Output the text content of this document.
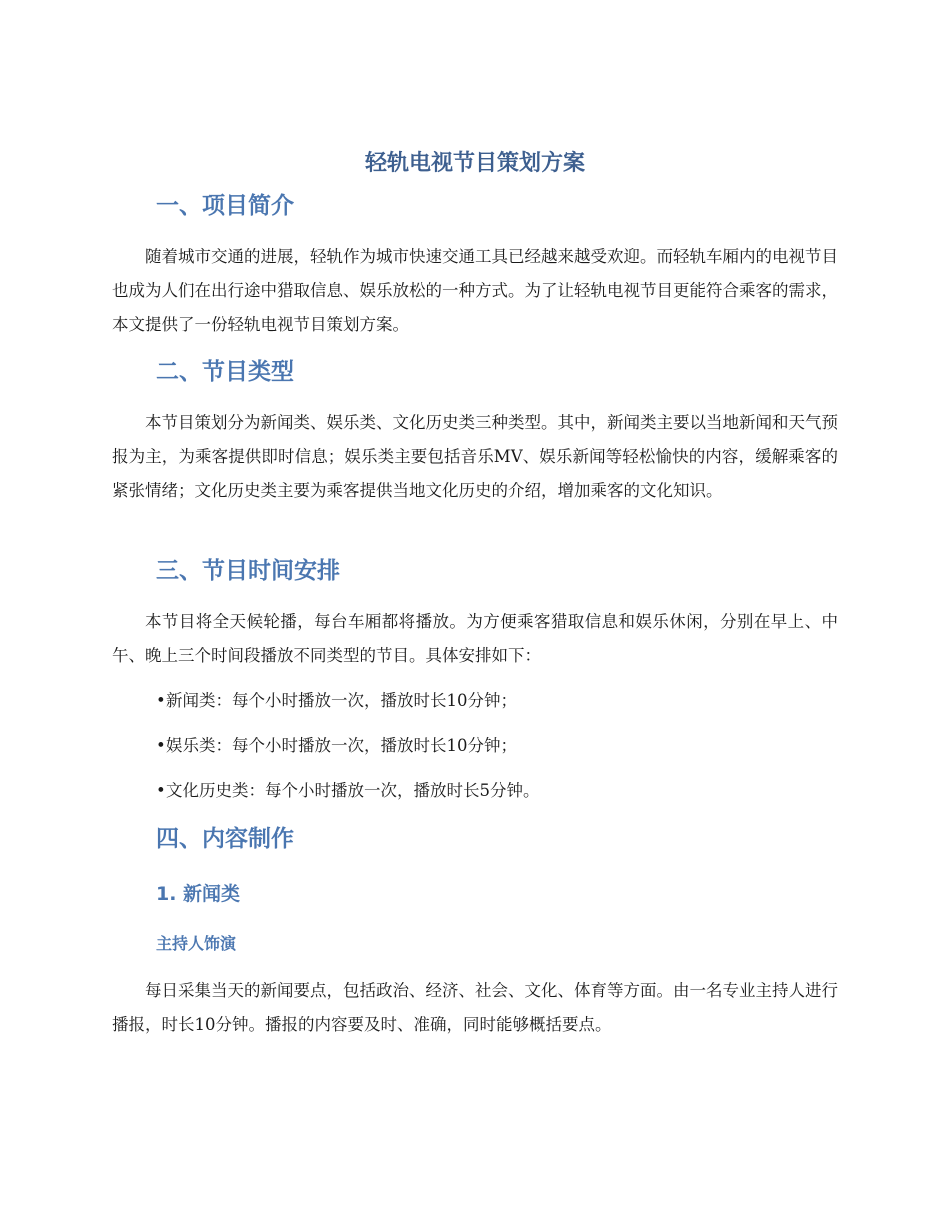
轻轨电视节目策划方案
一、项目简介

随着城市交通的进展，轻轨作为城市快速交通工具已经越来越受欢迎。而轻轨车厢内的电视节目也成为人们在出行途中猎取信息、娱乐放松的一种方式。为了让轻轨电视节目更能符合乘客的需求，本文提供了一份轻轨电视节目策划方案。

二、节目类型

本节目策划分为新闻类、娱乐类、文化历史类三种类型。其中，新闻类主要以当地新闻和天气预报为主，为乘客提供即时信息；娱乐类主要包括音乐MV、娱乐新闻等轻松愉快的内容，缓解乘客的紧张情绪；文化历史类主要为乘客提供当地文化历史的介绍，增加乘客的文化知识。

三、节目时间安排

本节目将全天候轮播，每台车厢都将播放。为方便乘客猎取信息和娱乐休闲，分别在早上、中午、晚上三个时间段播放不同类型的节目。具体安排如下：

•新闻类：每个小时播放一次，播放时长10分钟；
•娱乐类：每个小时播放一次，播放时长10分钟；
•文化历史类：每个小时播放一次，播放时长5分钟。
四、内容制作
1. 新闻类
主持人饰演

每日采集当天的新闻要点，包括政治、经济、社会、文化、体育等方面。由一名专业主持人进行播报，时长10分钟。播报的内容要及时、准确，同时能够概括要点。
